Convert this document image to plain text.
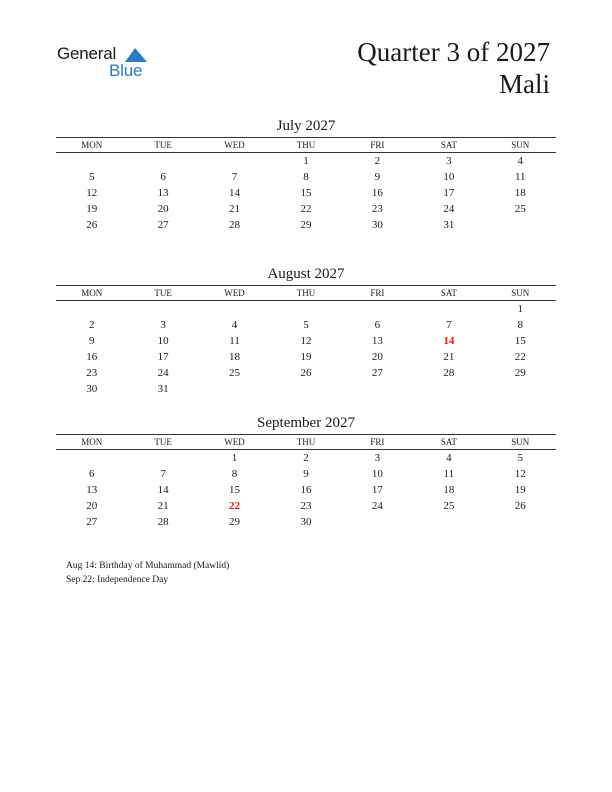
General
Blue
Quarter 3 of 2027
Mali
July 2027
MON	TUE	WED	THU	FRI	SAT	SUN
			1	2	3	4
5	6	7	8	9	10	11
12	13	14	15	16	17	18
19	20	21	22	23	24	25
26	27	28	29	30	31	
August 2027
MON	TUE	WED	THU	FRI	SAT	SUN
						1
2	3	4	5	6	7	8
9	10	11	12	13	14	15
16	17	18	19	20	21	22
23	24	25	26	27	28	29
30	31					
September 2027
MON	TUE	WED	THU	FRI	SAT	SUN
		1	2	3	4	5
6	7	8	9	10	11	12
13	14	15	16	17	18	19
20	21	22	23	24	25	26
27	28	29	30			
Aug 14: Birthday of Muhammad (Mawlid)
Sep 22: Independence Day
